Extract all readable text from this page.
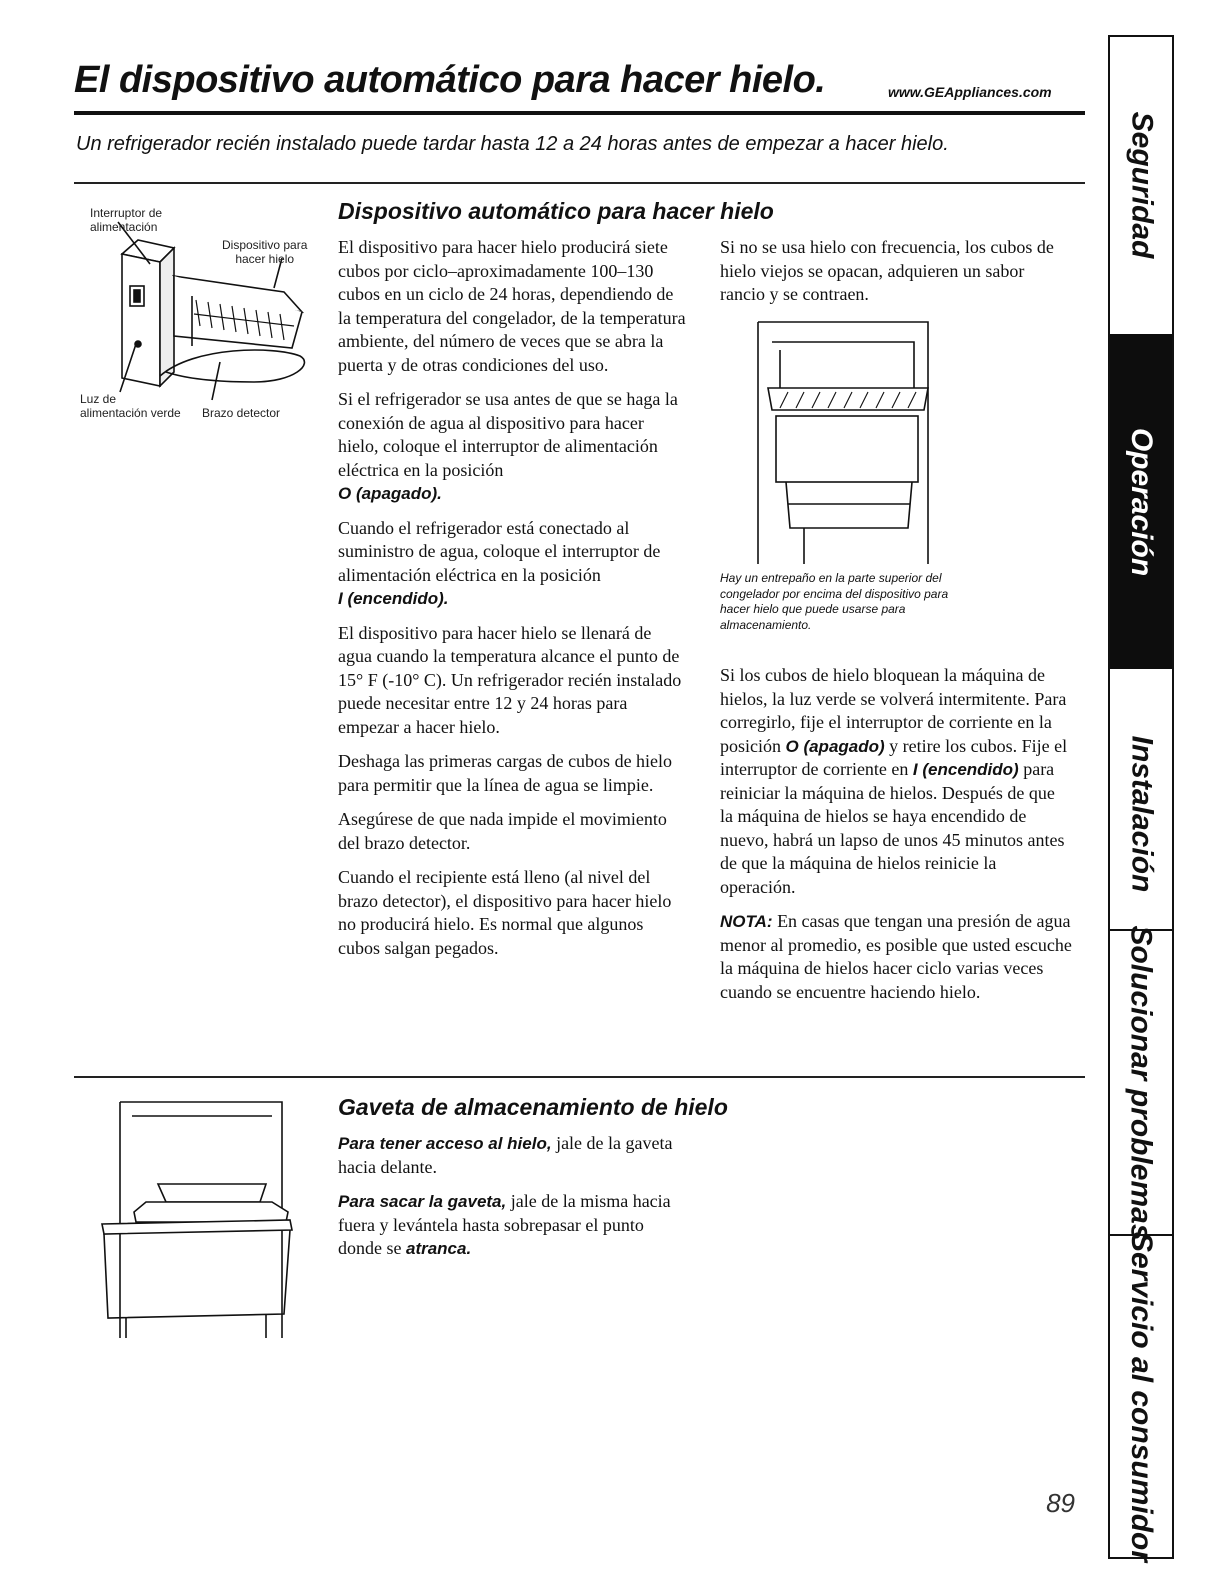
El dispositivo automático para hacer hielo.	www.GEAppliances.com
Un refrigerador recién instalado puede tardar hasta 12 a 24 horas antes de empezar a hacer hielo.
Interruptor de
alimentación
Dispositivo para
hacer hielo
Luz de
alimentación verde Brazo detector
Dispositivo automático para hacer hielo

El dispositivo para hacer hielo producirá siete cubos por ciclo–aproximadamente 100–130 cubos en un ciclo de 24 horas, dependiendo de la temperatura del congelador, de la temperatura ambiente, del número de veces que se abra la puerta y de otras condiciones del uso.

Si el refrigerador se usa antes de que se haga la conexión de agua al dispositivo para hacer hielo, coloque el interruptor de alimentación eléctrica en la posición
O (apagado).

Cuando el refrigerador está conectado al suministro de agua, coloque el interruptor de alimentación eléctrica en la posición
I (encendido).

El dispositivo para hacer hielo se llenará de agua cuando la temperatura alcance el punto de 15° F (-10° C). Un refrigerador recién instalado puede necesitar entre 12 y 24 horas para empezar a hacer hielo.

Deshaga las primeras cargas de cubos de hielo para permitir que la línea de agua se limpie.

Asegúrese de que nada impide el movimiento del brazo detector.

Cuando el recipiente está lleno (al nivel del brazo detector), el dispositivo para hacer hielo no producirá hielo. Es normal que algunos cubos salgan pegados.

Si no se usa hielo con frecuencia, los cubos de hielo viejos se opacan, adquieren un sabor rancio y se contraen.

Hay un entrepaño en la parte superior del congelador por encima del dispositivo para hacer hielo que puede usarse para almacenamiento.

Si los cubos de hielo bloquean la máquina de hielos, la luz verde se volverá intermitente. Para corregirlo, fije el interruptor de corriente en la posición O (apagado) y retire los cubos. Fije el interruptor de corriente en I (encendido) para reiniciar la máquina de hielos. Después de que la máquina de hielos se haya encendido de nuevo, habrá un lapso de unos 45 minutos antes de que la máquina de hielos reinicie la operación.

NOTA: En casas que tengan una presión de agua menor al promedio, es posible que usted escuche la máquina de hielos hacer ciclo varias veces cuando se encuentre haciendo hielo.

Gaveta de almacenamiento de hielo

Para tener acceso al hielo, jale de la gaveta hacia delante.

Para sacar la gaveta, jale de la misma hacia fuera y levántela hasta sobrepasar el punto donde se atranca.

89
Seguridad
Operación
Instalación
Solucionar problemas
Servicio al consumidor
